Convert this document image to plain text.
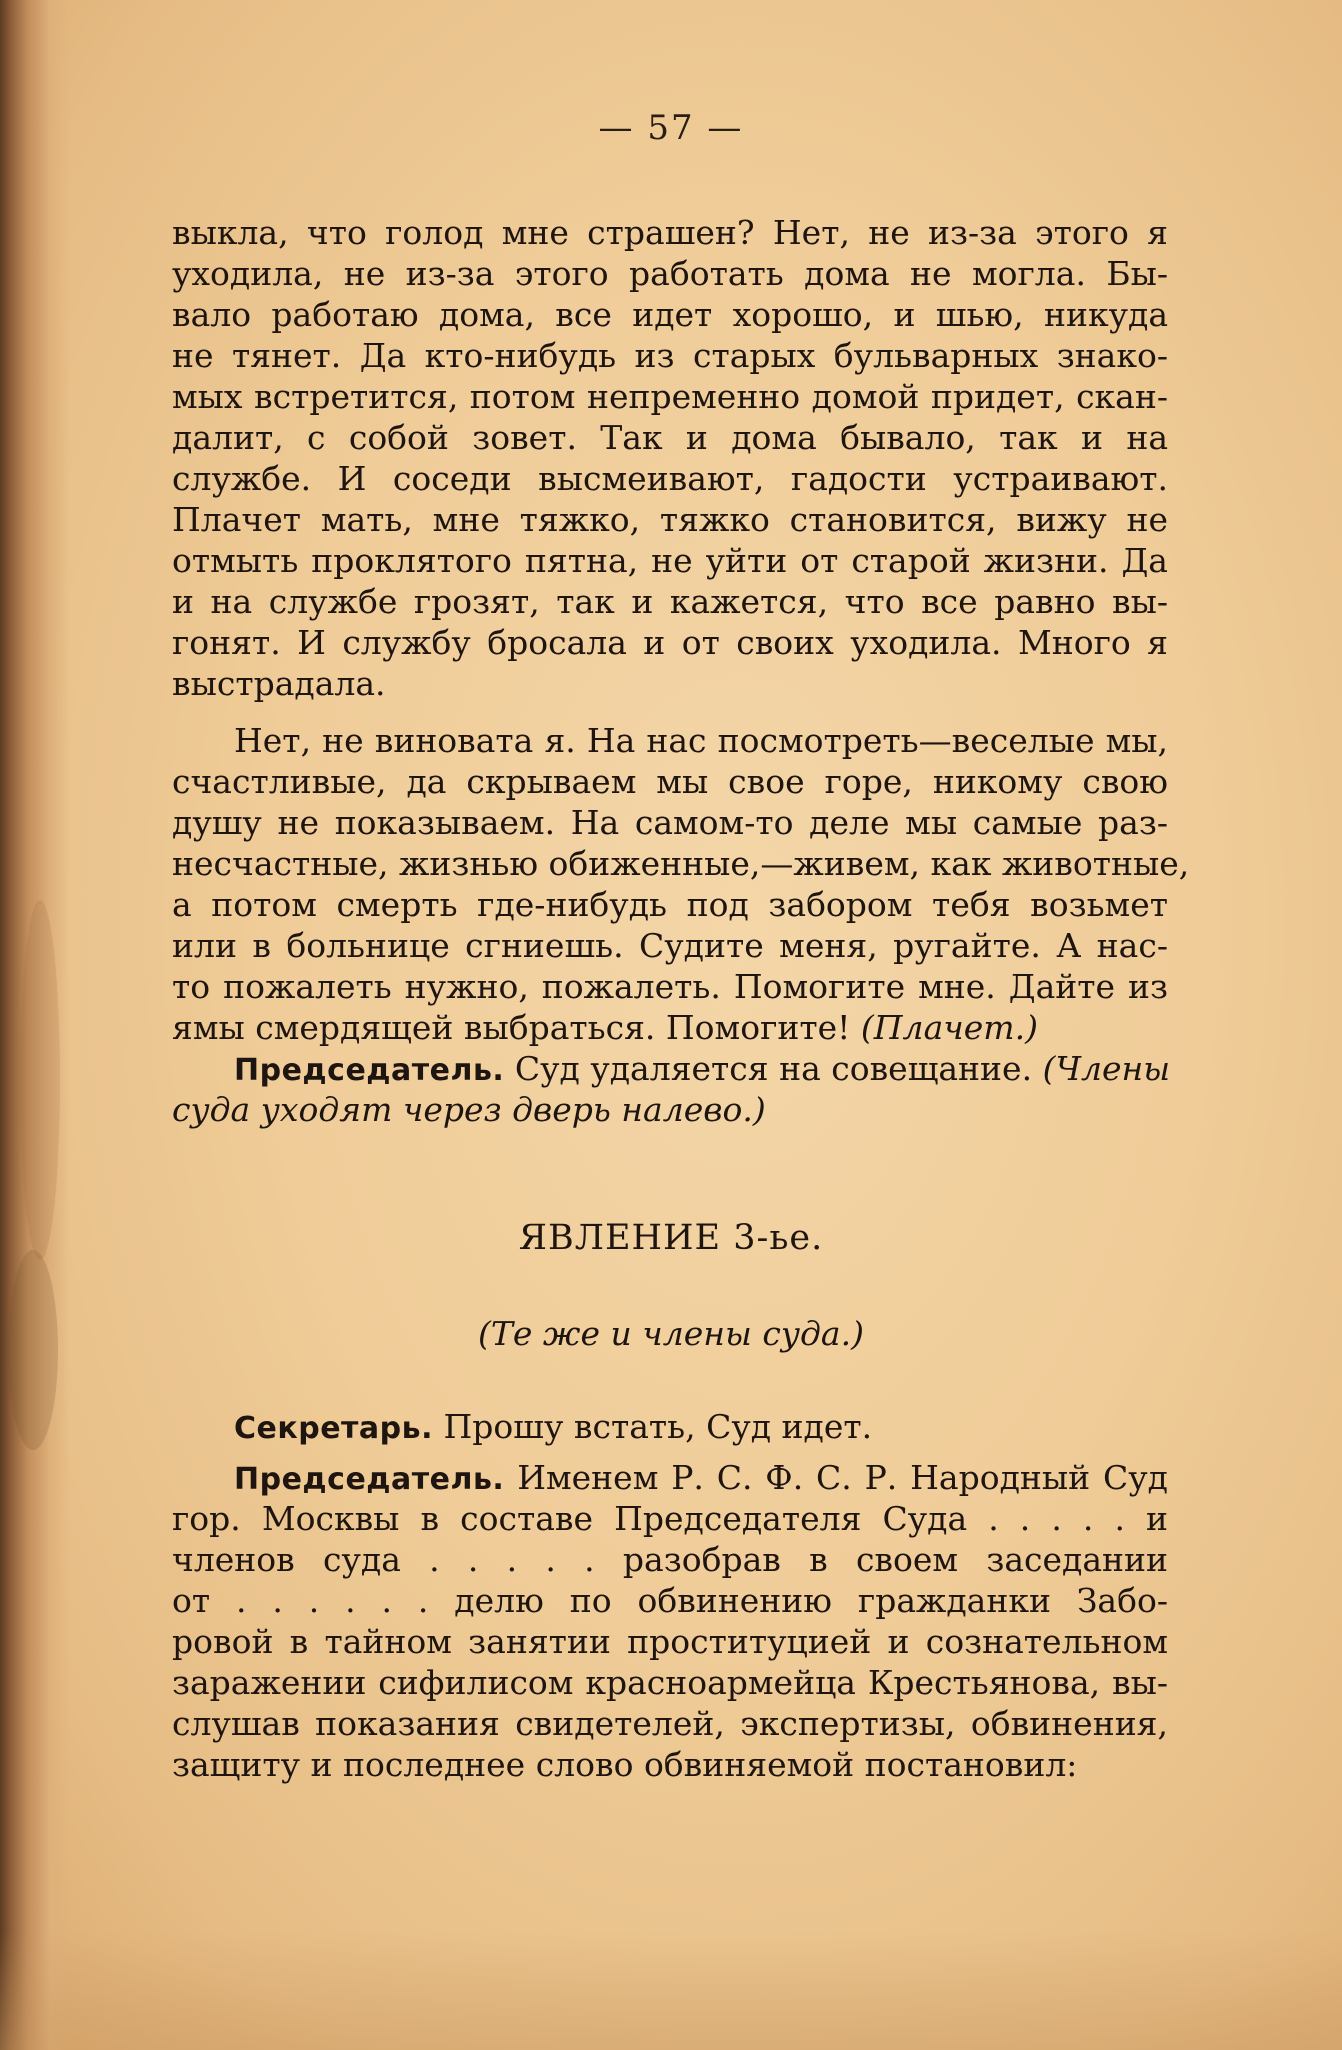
— 57 —
выкла, что голод мне страшен? Нет, не из-за этого я
уходила, не из-за этого работать дома не могла. Бы-
вало работаю дома, все идет хорошо, и шью, никуда
не тянет. Да кто-нибудь из старых бульварных знако-
мых встретится, потом непременно домой придет, скан-
далит, с собой зовет. Так и дома бывало, так и на
службе. И соседи высмеивают, гадости устраивают.
Плачет мать, мне тяжко, тяжко становится, вижу не
отмыть проклятого пятна, не уйти от старой жизни. Да
и на службе грозят, так и кажется, что все равно вы-
гонят. И службу бросала и от своих уходила. Много я
выстрадала.
Нет, не виновата я. На нас посмотреть—веселые мы,
счастливые, да скрываем мы свое горе, никому свою
душу не показываем. На самом-то деле мы самые раз-
несчастные, жизнью обиженные,—живем, как животные,
а потом смерть где-нибудь под забором тебя возьмет
или в больнице сгниешь. Судите меня, ругайте. А нас-
то пожалеть нужно, пожалеть. Помогите мне. Дайте из
ямы смердящей выбраться. Помогите! (Плачет.)
Председатель. Суд удаляется на совещание. (Члены
суда уходят через дверь налево.)
ЯВЛЕНИЕ 3-ье.
(Те же и члены суда.)
Секретарь. Прошу встать, Суд идет.
Председатель. Именем Р. С. Ф. С. Р. Народный Суд
гор. Москвы в составе Председателя Суда . . . . . и
членов суда . . . . . разобрав в своем заседании
от . . . . . . делю по обвинению гражданки Забо-
ровой в тайном занятии проституцией и сознательном
заражении сифилисом красноармейца Крестьянова, вы-
слушав показания свидетелей, экспертизы, обвинения,
защиту и последнее слово обвиняемой постановил:
